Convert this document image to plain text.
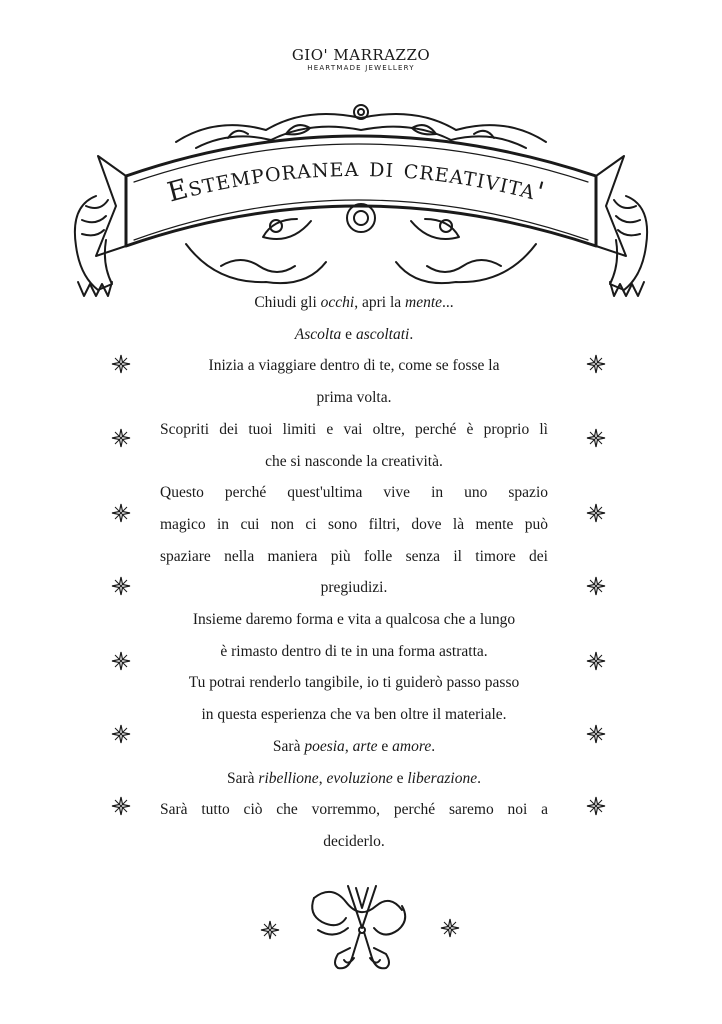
GIO' MARRAZZO
HEARTMADE JEWELLERY
Estemporanea di creativita'

Chiudi gli occhi, apri la mente...

Ascolta e ascoltati.

Inizia a viaggiare dentro di te, come se fosse la

prima volta.

Scopriti dei tuoi limiti e vai oltre, perché è proprio lì

che si nasconde la creatività.

Questo perché quest'ultima vive in uno spazio

magico in cui non ci sono filtri, dove là mente può

spaziare nella maniera più folle senza il timore dei

pregiudizi.

Insieme daremo forma e vita a qualcosa che a lungo

è rimasto dentro di te in una forma astratta.

Tu potrai renderlo tangibile, io ti guiderò passo passo

in questa esperienza che va ben oltre il materiale.

Sarà poesia, arte e amore.

Sarà ribellione, evoluzione e liberazione.

Sarà tutto ciò che vorremmo, perché saremo noi a

deciderlo.
